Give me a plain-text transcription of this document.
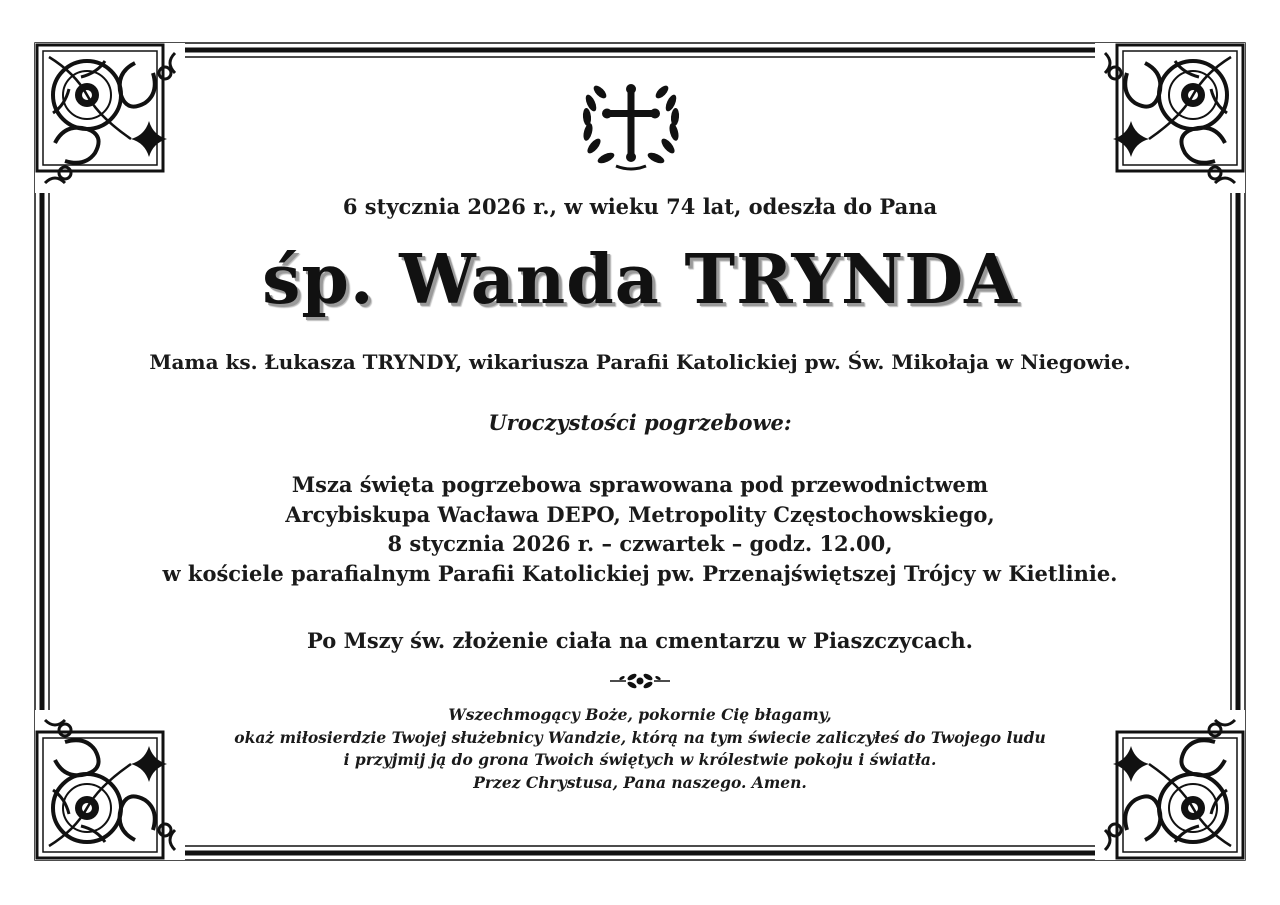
6 stycznia 2026 r., w wieku 74 lat, odeszła do Pana
śp. Wanda TRYNDA
Mama ks. Łukasza TRYNDY, wikariusza Parafii Katolickiej pw. Św. Mikołaja w Niegowie.
Uroczystości pogrzebowe:
Msza święta pogrzebowa sprawowana pod przewodnictwem
Arcybiskupa Wacława DEPO, Metropolity Częstochowskiego,
8 stycznia 2026 r. – czwartek – godz. 12.00,
w kościele parafialnym Parafii Katolickiej pw. Przenajświętszej Trójcy w Kietlinie.
Po Mszy św. złożenie ciała na cmentarzu w Piaszczycach.
Wszechmogący Boże, pokornie Cię błagamy,
okaż miłosierdzie Twojej służebnicy Wandzie, którą na tym świecie zaliczyłeś do Twojego ludu
i przyjmij ją do grona Twoich świętych w królestwie pokoju i światła.
Przez Chrystusa, Pana naszego. Amen.
